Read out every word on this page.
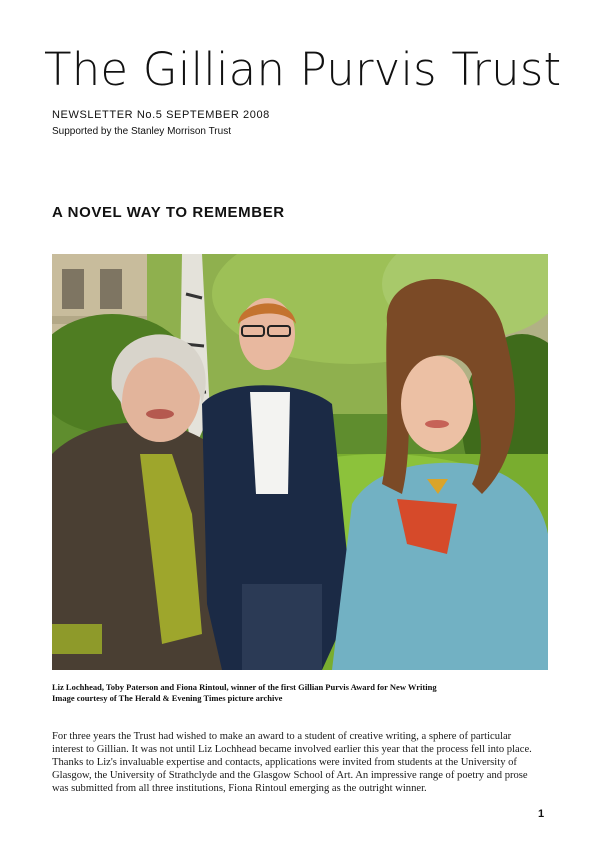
The Gillian Purvis Trust
NEWSLETTER No.5 SEPTEMBER 2008
Supported by the Stanley Morrison Trust
A NOVEL WAY TO REMEMBER
Liz Lochhead, Toby Paterson and Fiona Rintoul, winner of the first Gillian Purvis Award for New Writing
Image courtesy of The Herald & Evening Times picture archive

For three years the Trust had wished to make an award to a student of creative writing, a sphere of particular

interest to Gillian. It was not until Liz Lochhead became involved earlier this year that the process fell into place.

Thanks to Liz's invaluable expertise and contacts, applications were invited from students at the University of

Glasgow, the University of Strathclyde and the Glasgow School of Art. An impressive range of poetry and prose

was submitted from all three institutions, Fiona Rintoul emerging as the outright winner.

1
